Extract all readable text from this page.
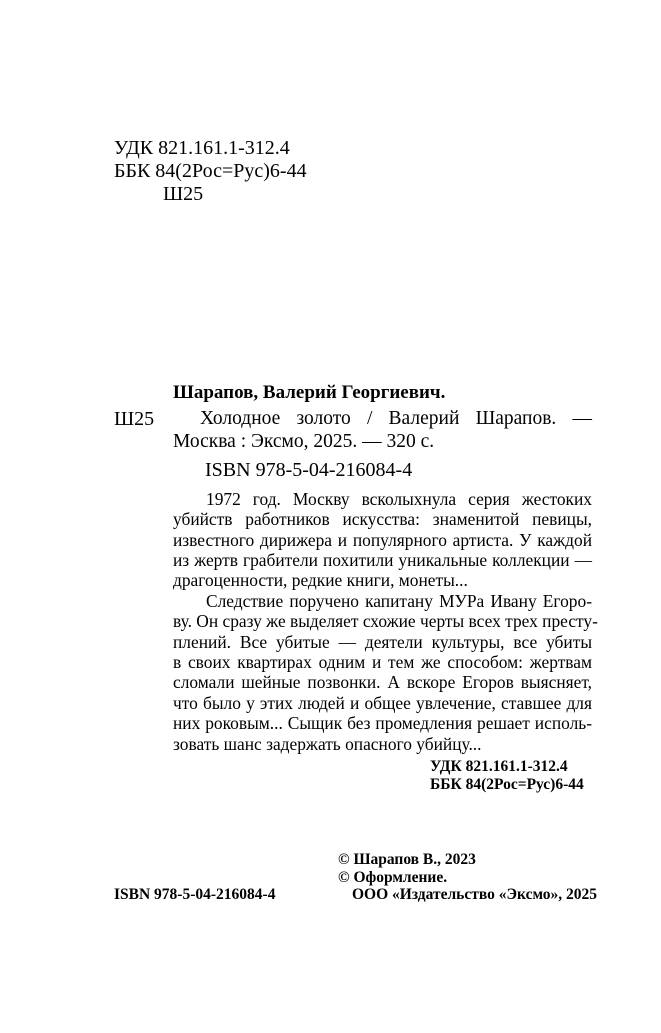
УДК 821.161.1-312.4
ББК 84(2Рос=Рус)6-44
Ш25
Шарапов, Валерий Георгиевич.
Ш25 Холодное золото / Валерий Шарапов. —
Москва : Эксмо, 2025. — 320 с.
ISBN 978-5-04-216084-4
1972 год. Москву всколыхнула серия жестоких
убийств работников искусства: знаменитой певицы,
известного дирижера и популярного артиста. У каждой
из жертв грабители похитили уникальные коллекции —
драгоценности, редкие книги, монеты...
Следствие поручено капитану МУРа Ивану Егоро-
ву. Он сразу же выделяет схожие черты всех трех престу-
плений. Все убитые — деятели культуры, все убиты
в своих квартирах одним и тем же способом: жертвам
сломали шейные позвонки. А вскоре Егоров выясняет,
что было у этих людей и общее увлечение, ставшее для
них роковым... Сыщик без промедления решает исполь-
зовать шанс задержать опасного убийцу...
УДК 821.161.1-312.4
ББК 84(2Рос=Рус)6-44
© Шарапов В., 2023
© Оформление.
ООО «Издательство «Эксмо», 2025
ISBN 978-5-04-216084-4
